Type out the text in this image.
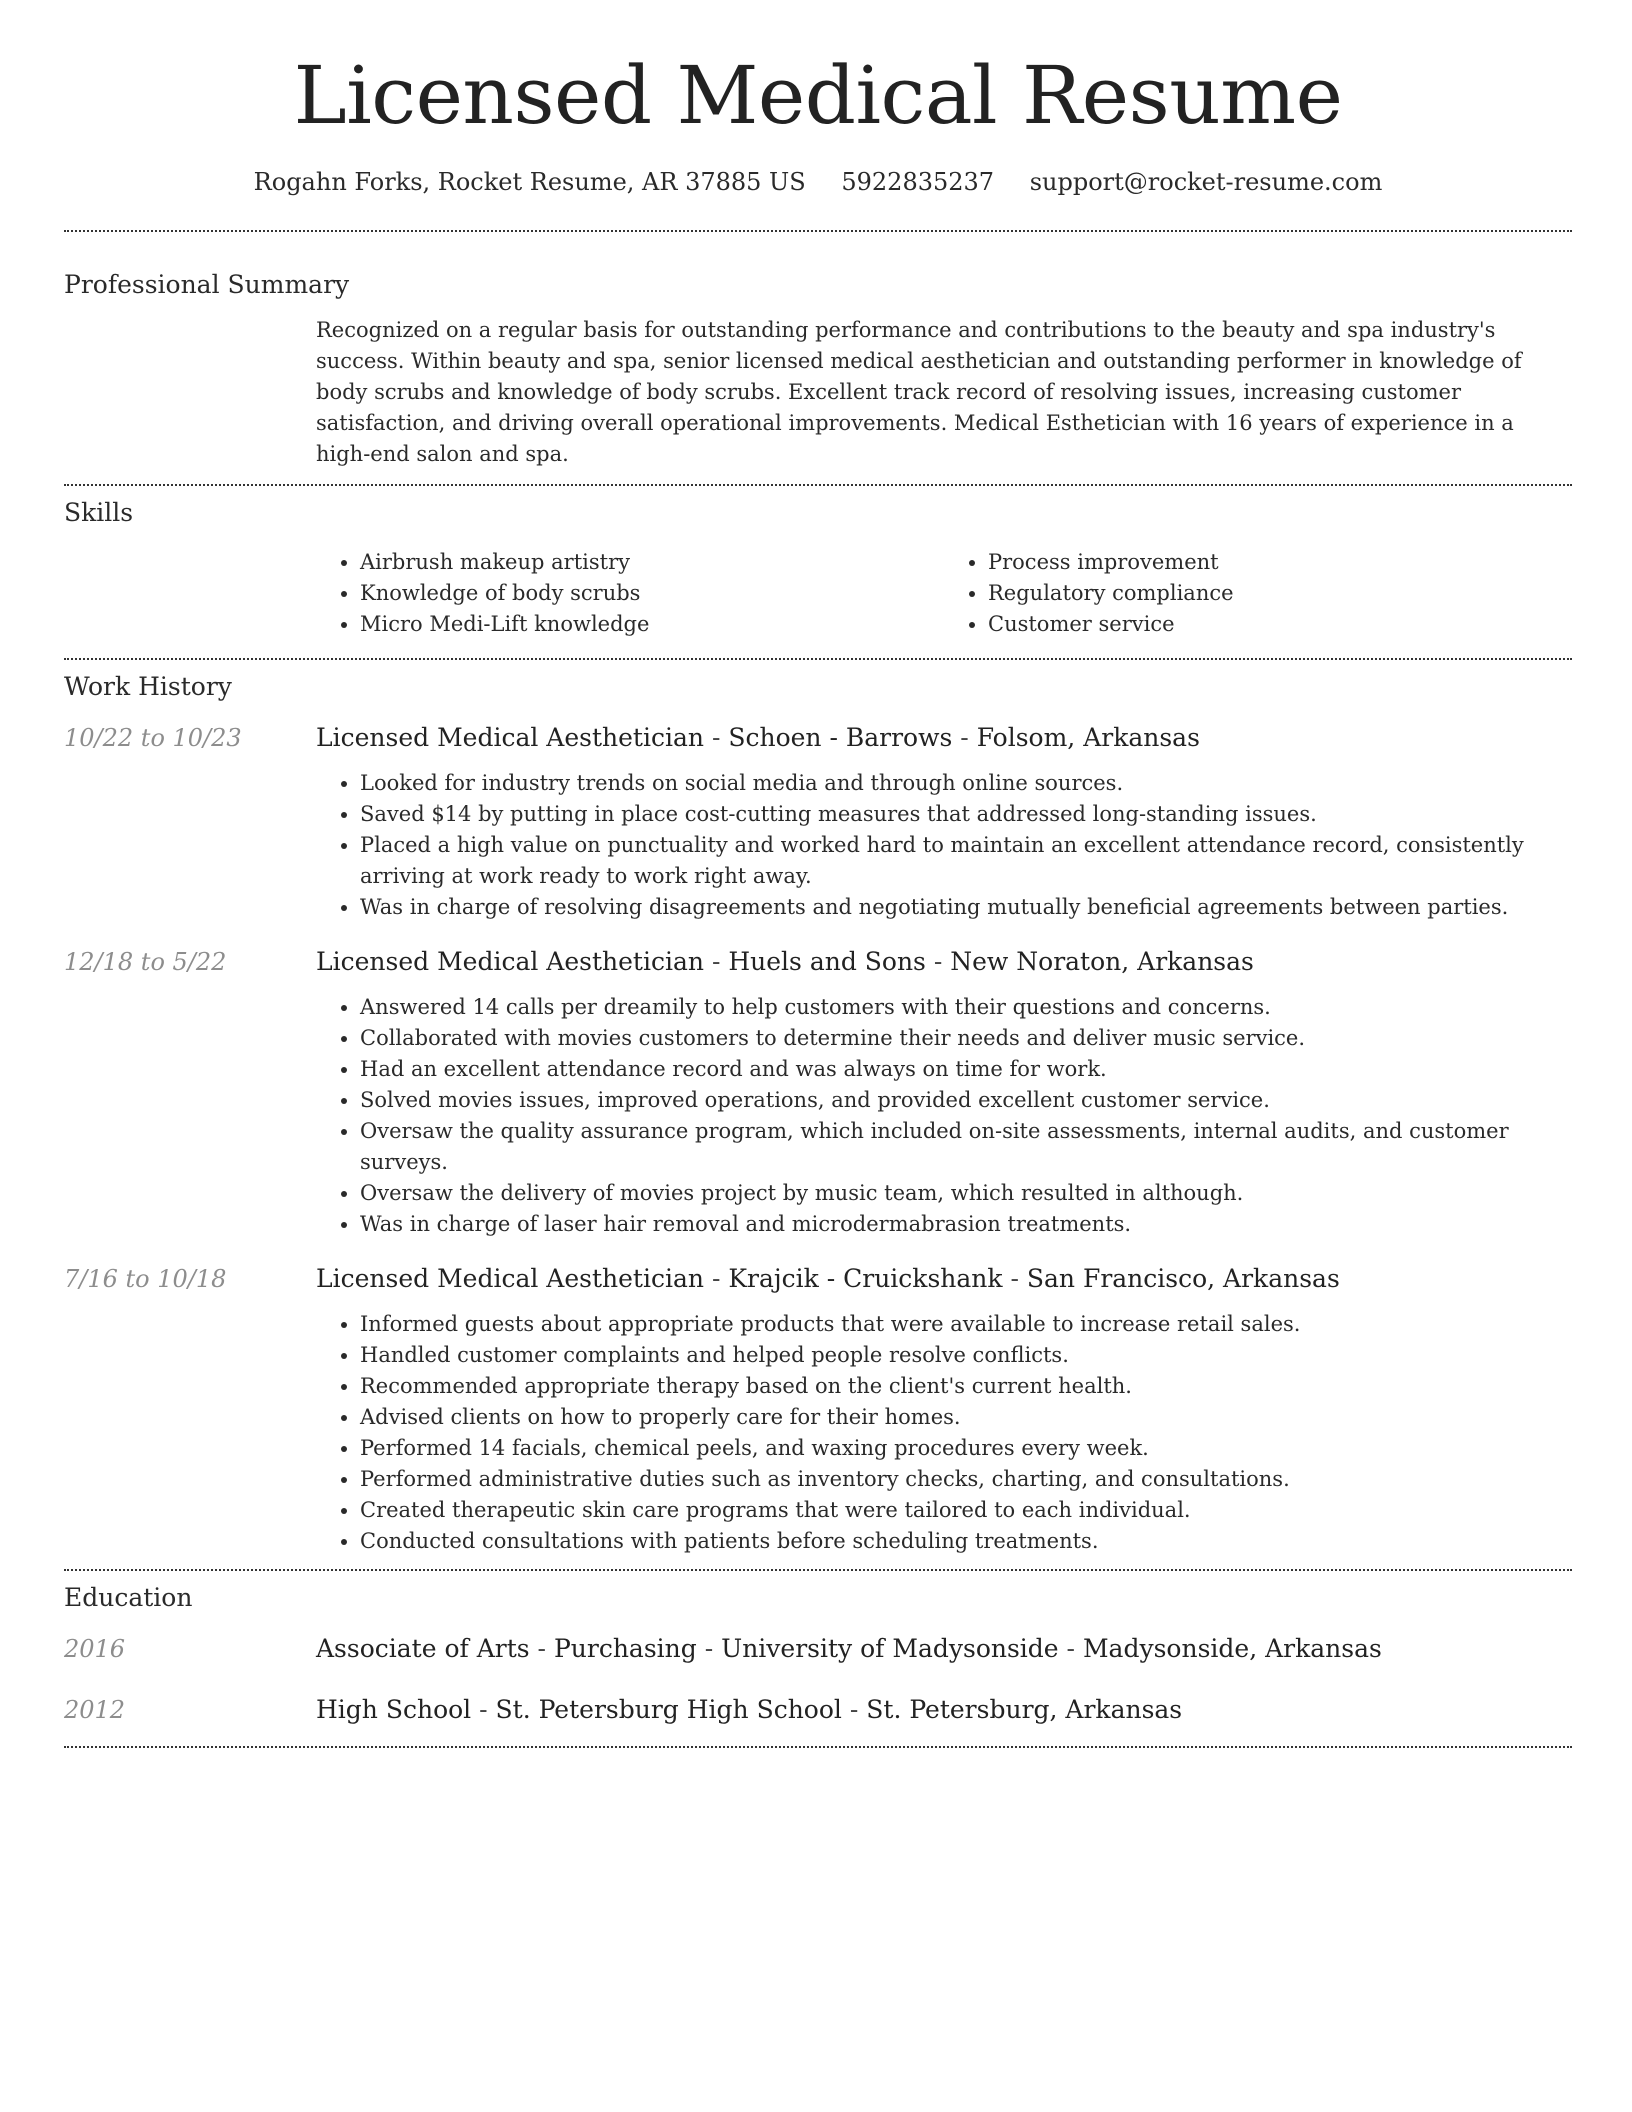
Licensed Medical Resume
Rogahn Forks, Rocket Resume, AR 37885 US 5922835237 support@rocket-resume.com
Professional Summary

Recognized on a regular basis for outstanding performance and contributions to the beauty and spa industry's success. Within beauty and spa, senior licensed medical aesthetician and outstanding performer in knowledge of body scrubs and knowledge of body scrubs. Excellent track record of resolving issues, increasing customer satisfaction, and driving overall operational improvements. Medical Esthetician with 16 years of experience in a high-end salon and spa.

Skills
• Airbrush makeup artistry
• Knowledge of body scrubs
• Micro Medi-Lift knowledge
• Process improvement
• Regulatory compliance
• Customer service
Work History
10/22 to 10/23	Licensed Medical Aesthetician - Schoen - Barrows - Folsom, Arkansas
• Looked for industry trends on social media and through online sources.
• Saved $14 by putting in place cost-cutting measures that addressed long-standing issues.
• Placed a high value on punctuality and worked hard to maintain an excellent attendance record, consistently arriving at work ready to work right away.
• Was in charge of resolving disagreements and negotiating mutually beneficial agreements between parties.
12/18 to 5/22	Licensed Medical Aesthetician - Huels and Sons - New Noraton, Arkansas
• Answered 14 calls per dreamily to help customers with their questions and concerns.
• Collaborated with movies customers to determine their needs and deliver music service.
• Had an excellent attendance record and was always on time for work.
• Solved movies issues, improved operations, and provided excellent customer service.
• Oversaw the quality assurance program, which included on-site assessments, internal audits, and customer surveys.
• Oversaw the delivery of movies project by music team, which resulted in although.
• Was in charge of laser hair removal and microdermabrasion treatments.
7/16 to 10/18	Licensed Medical Aesthetician - Krajcik - Cruickshank - San Francisco, Arkansas
• Informed guests about appropriate products that were available to increase retail sales.
• Handled customer complaints and helped people resolve conflicts.
• Recommended appropriate therapy based on the client's current health.
• Advised clients on how to properly care for their homes.
• Performed 14 facials, chemical peels, and waxing procedures every week.
• Performed administrative duties such as inventory checks, charting, and consultations.
• Created therapeutic skin care programs that were tailored to each individual.
• Conducted consultations with patients before scheduling treatments.
Education
2016	Associate of Arts - Purchasing - University of Madysonside - Madysonside, Arkansas
2012	High School - St. Petersburg High School - St. Petersburg, Arkansas
